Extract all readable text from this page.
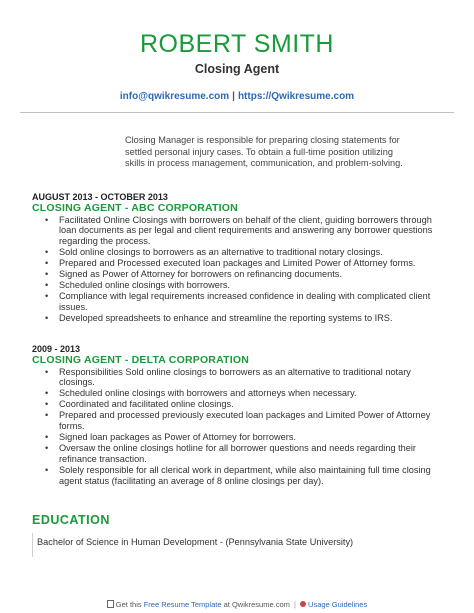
ROBERT SMITH
Closing Agent
info@qwikresume.com | https://Qwikresume.com
Closing Manager is responsible for preparing closing statements for settled personal injury cases. To obtain a full-time position utilizing skills in process management, communication, and problem-solving.
AUGUST 2013 - OCTOBER 2013
CLOSING AGENT - ABC CORPORATION
• Facilitated Online Closings with borrowers on behalf of the client, guiding borrowers through loan documents as per legal and client requirements and answering any borrower questions regarding the process.
• Sold online closings to borrowers as an alternative to traditional notary closings.
• Prepared and Processed executed loan packages and Limited Power of Attorney forms.
• Signed as Power of Attorney for borrowers on refinancing documents.
• Scheduled online closings with borrowers.
• Compliance with legal requirements increased confidence in dealing with complicated client issues.
• Developed spreadsheets to enhance and streamline the reporting systems to IRS.
2009 - 2013
CLOSING AGENT - DELTA CORPORATION
• Responsibilities Sold online closings to borrowers as an alternative to traditional notary closings.
• Scheduled online closings with borrowers and attorneys when necessary.
• Coordinated and facilitated online closings.
• Prepared and processed previously executed loan packages and Limited Power of Attorney forms.
• Signed loan packages as Power of Attorney for borrowers.
• Oversaw the online closings hotline for all borrower questions and needs regarding their refinance transaction.
• Solely responsible for all clerical work in department, while also maintaining full time closing agent status (facilitating an average of 8 online closings per day).
EDUCATION
Bachelor of Science in Human Development - (Pennsylvania State University)
Get this Free Resume Template at Qwikresume.com | Usage Guidelines
